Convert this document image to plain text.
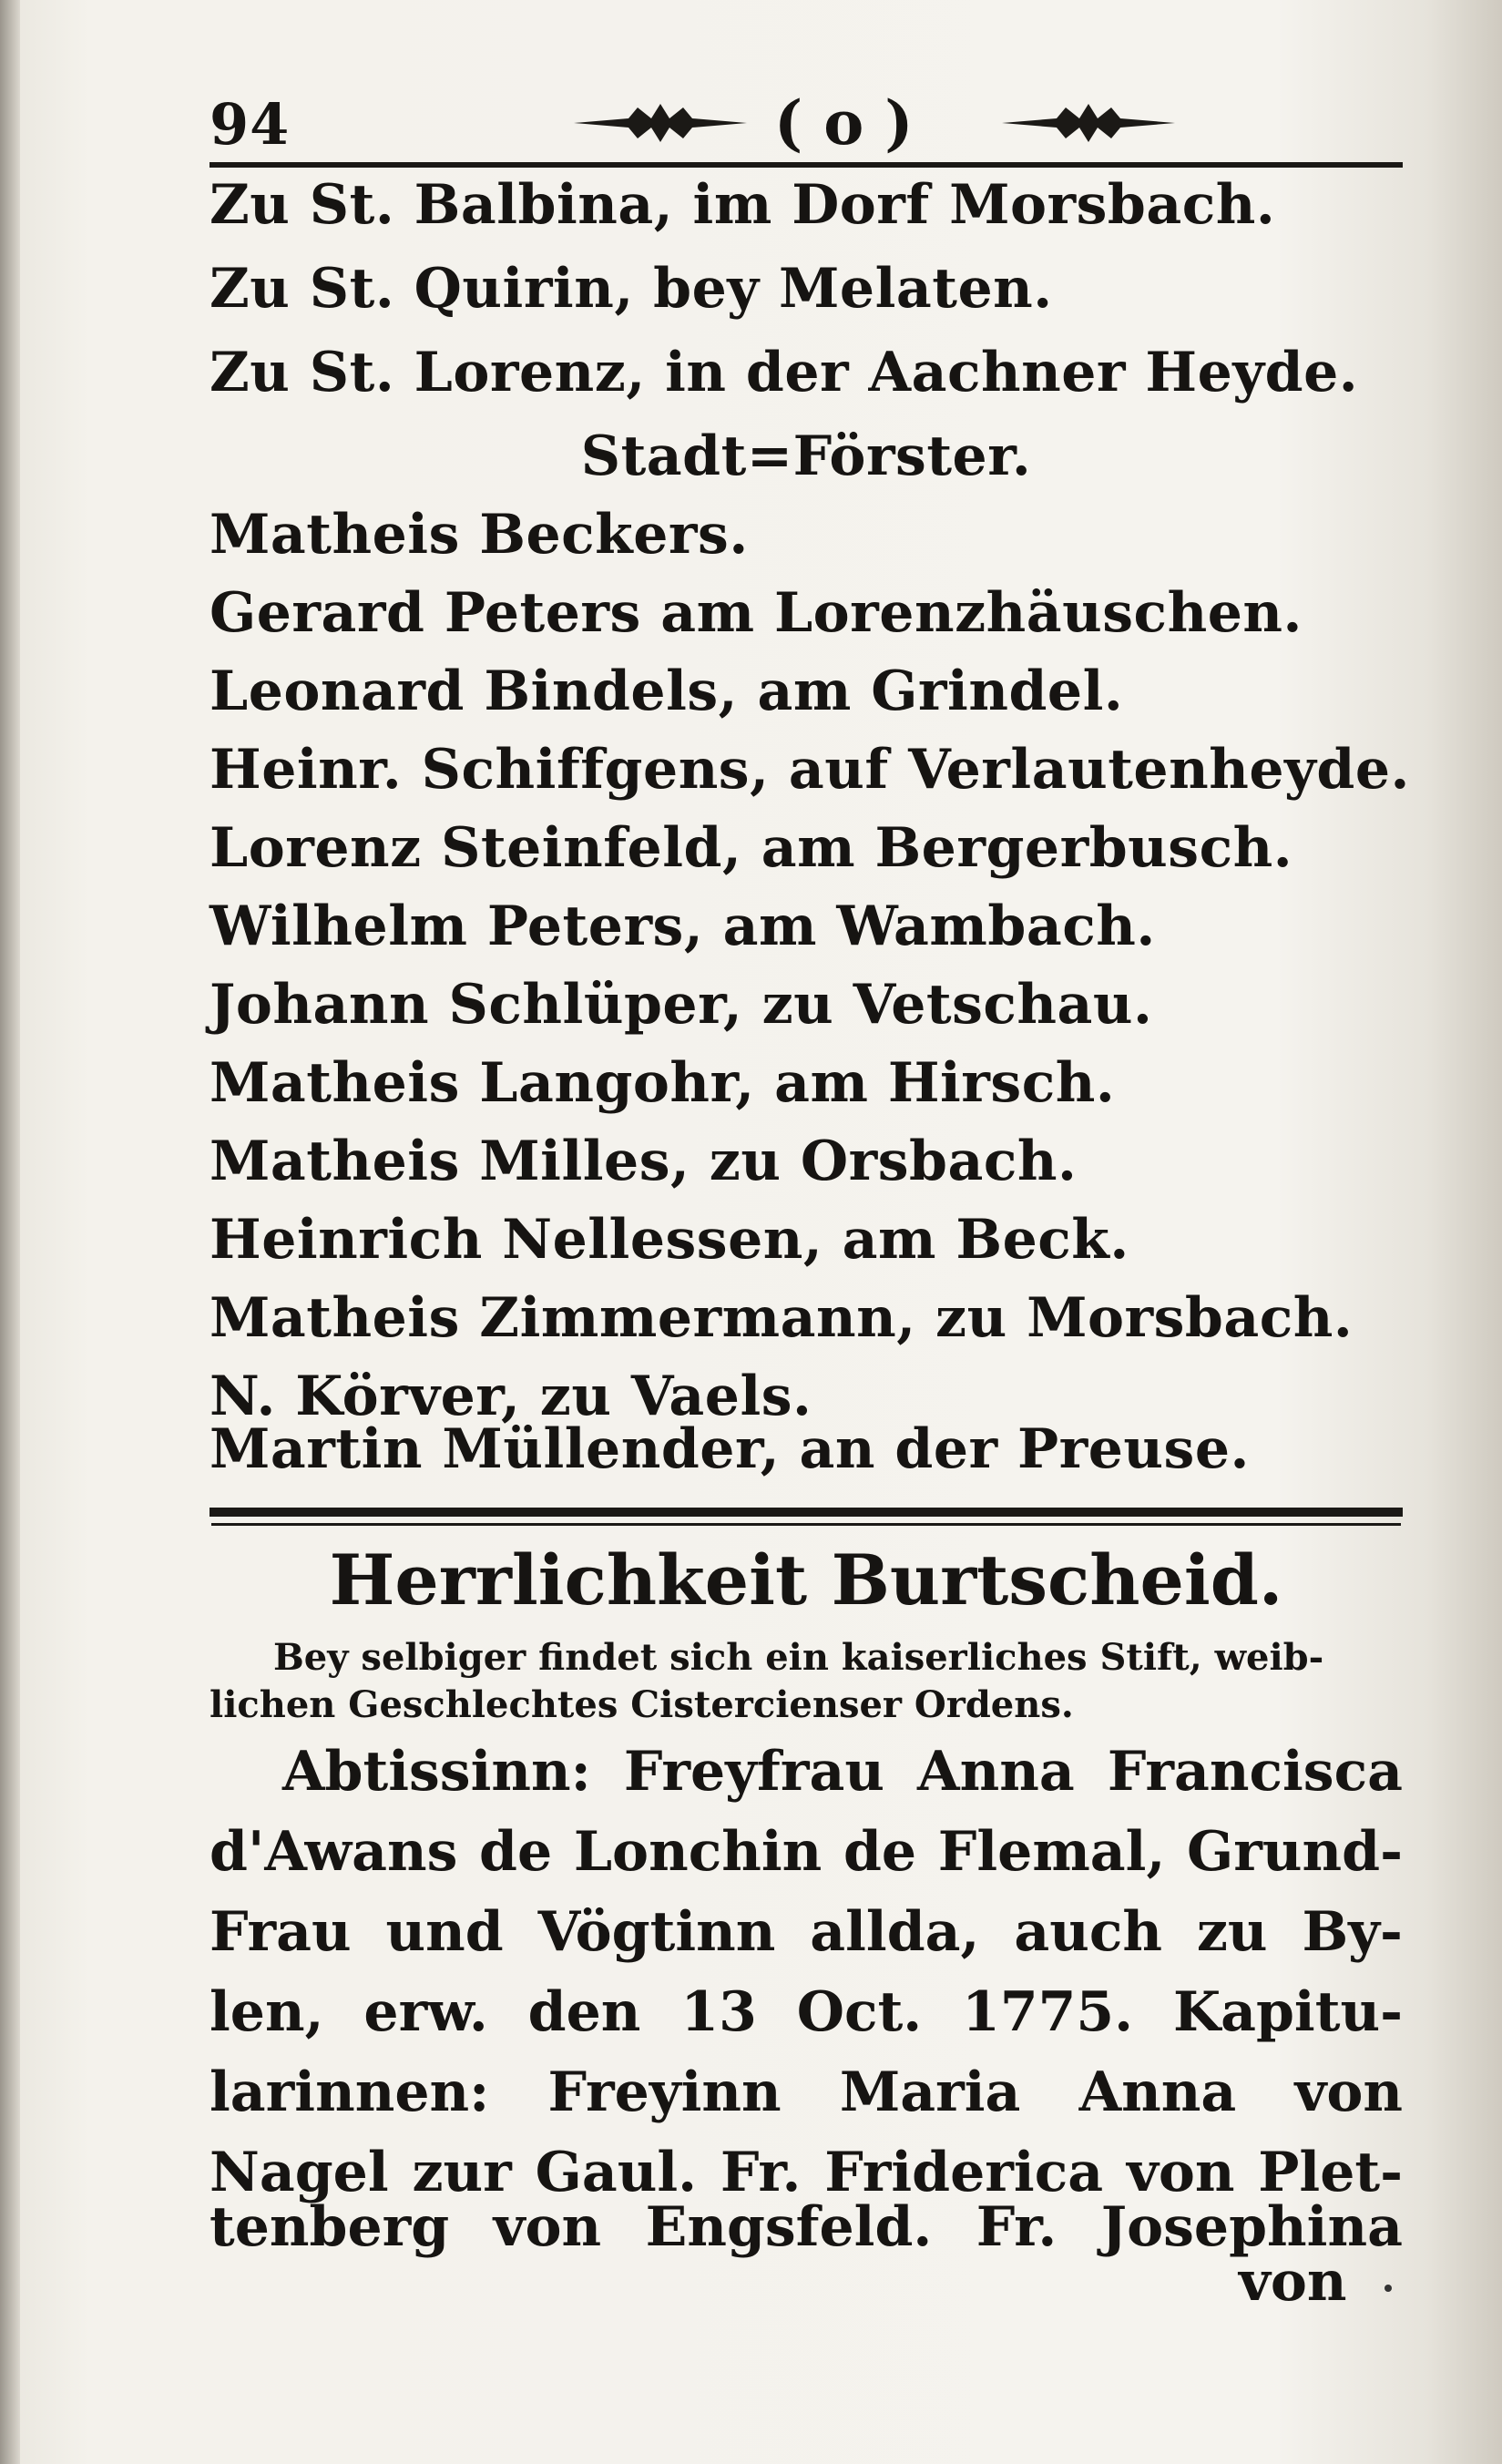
94	( o )
Zu St. Balbina, im Dorf Morsbach.
Zu St. Quirin, bey Melaten.
Zu St. Lorenz, in der Aachner Heyde.
Stadt=Förster.
Matheis Beckers.
Gerard Peters am Lorenzhäuschen.
Leonard Bindels, am Grindel.
Heinr. Schiffgens, auf Verlautenheyde.
Lorenz Steinfeld, am Bergerbusch.
Wilhelm Peters, am Wambach.
Johann Schlüper, zu Vetschau.
Matheis Langohr, am Hirsch.
Matheis Milles, zu Orsbach.
Heinrich Nellessen, am Beck.
Matheis Zimmermann, zu Morsbach.
N. Körver, zu Vaels.
Martin Müllender, an der Preuse.
Herrlichkeit Burtscheid.
Bey selbiger findet sich ein kaiserliches Stift, weib-
lichen Geschlechtes Cistercienser Ordens.
Abtissinn: Freyfrau Anna Francisca
d'Awans de Lonchin de Flemal, Grund-
Frau und Vögtinn allda, auch zu By-
len, erw. den 13 Oct. 1775. Kapitu-
larinnen: Freyinn Maria Anna von
Nagel zur Gaul. Fr. Friderica von Plet-
tenberg von Engsfeld. Fr. Josephina
von
